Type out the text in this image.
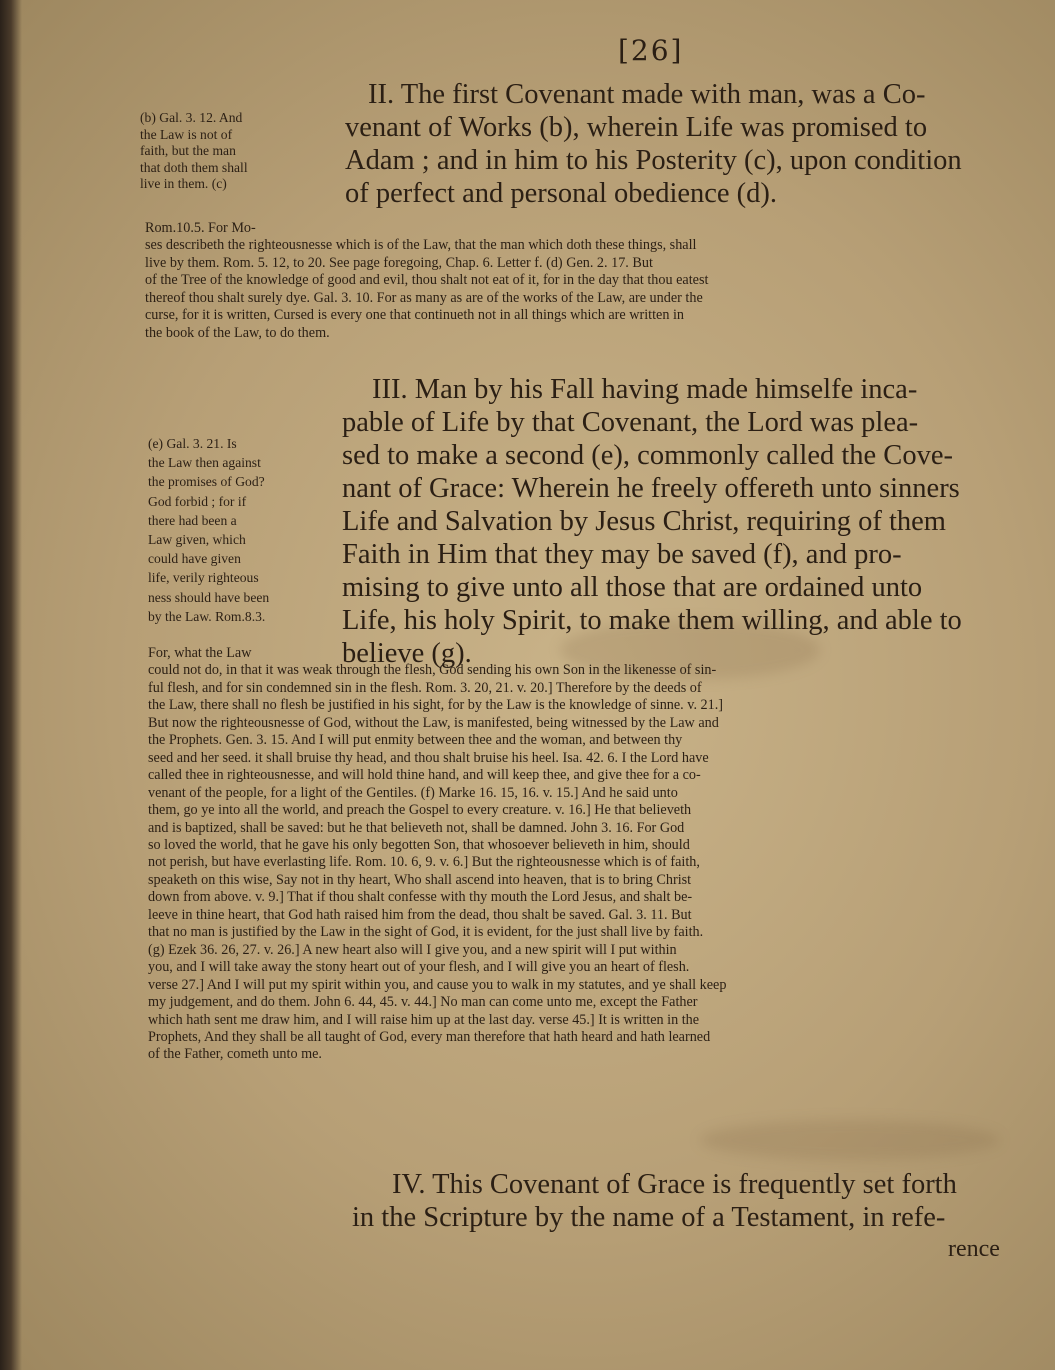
[26]
II. The first Covenant made with man, was a Co-
venant of Works (b), wherein Life was promised to
Adam ; and in him to his Posterity (c), upon condition
of perfect and personal obedience (d).
(b) Gal. 3. 12. And
the Law is not of
faith, but the man
that doth them shall
live in them. (c)
Rom.10.5. For Mo-
ses describeth the righteousnesse which is of the Law, that the man which doth these things, shall
live by them. Rom. 5. 12, to 20. See page foregoing, Chap. 6. Letter f. (d) Gen. 2. 17. But
of the Tree of the knowledge of good and evil, thou shalt not eat of it, for in the day that thou eatest
thereof thou shalt surely dye. Gal. 3. 10. For as many as are of the works of the Law, are under the
curse, for it is written, Cursed is every one that continueth not in all things which are written in
the book of the Law, to do them.
III. Man by his Fall having made himselfe inca-
pable of Life by that Covenant, the Lord was plea-
sed to make a second (e), commonly called the Cove-
nant of Grace: Wherein he freely offereth unto sinners
Life and Salvation by Jesus Christ, requiring of them
Faith in Him that they may be saved (f), and pro-
mising to give unto all those that are ordained unto
Life, his holy Spirit, to make them willing, and able to
believe (g).
(e) Gal. 3. 21. Is
the Law then against
the promises of God?
God forbid ; for if
there had been a
Law given, which
could have given
life, verily righteous
ness should have been
by the Law. Rom.8.3.
For, what the Law
could not do, in that it was weak through the flesh, God sending his own Son in the likenesse of sin-
ful flesh, and for sin condemned sin in the flesh. Rom. 3. 20, 21. v. 20.] Therefore by the deeds of
the Law, there shall no flesh be justified in his sight, for by the Law is the knowledge of sinne. v. 21.]
But now the righteousnesse of God, without the Law, is manifested, being witnessed by the Law and
the Prophets. Gen. 3. 15. And I will put enmity between thee and the woman, and between thy
seed and her seed. it shall bruise thy head, and thou shalt bruise his heel. Isa. 42. 6. I the Lord have
called thee in righteousnesse, and will hold thine hand, and will keep thee, and give thee for a co-
venant of the people, for a light of the Gentiles. (f) Marke 16. 15, 16. v. 15.] And he said unto
them, go ye into all the world, and preach the Gospel to every creature. v. 16.] He that believeth
and is baptized, shall be saved: but he that believeth not, shall be damned. John 3. 16. For God
so loved the world, that he gave his only begotten Son, that whosoever believeth in him, should
not perish, but have everlasting life. Rom. 10. 6, 9. v. 6.] But the righteousnesse which is of faith,
speaketh on this wise, Say not in thy heart, Who shall ascend into heaven, that is to bring Christ
down from above. v. 9.] That if thou shalt confesse with thy mouth the Lord Jesus, and shalt be-
leeve in thine heart, that God hath raised him from the dead, thou shalt be saved. Gal. 3. 11. But
that no man is justified by the Law in the sight of God, it is evident, for the just shall live by faith.
(g) Ezek 36. 26, 27. v. 26.] A new heart also will I give you, and a new spirit will I put within
you, and I will take away the stony heart out of your flesh, and I will give you an heart of flesh.
verse 27.] And I will put my spirit within you, and cause you to walk in my statutes, and ye shall keep
my judgement, and do them. John 6. 44, 45. v. 44.] No man can come unto me, except the Father
which hath sent me draw him, and I will raise him up at the last day. verse 45.] It is written in the
Prophets, And they shall be all taught of God, every man therefore that hath heard and hath learned
of the Father, cometh unto me.
IV. This Covenant of Grace is frequently set forth
in the Scripture by the name of a Testament, in refe-
rence
